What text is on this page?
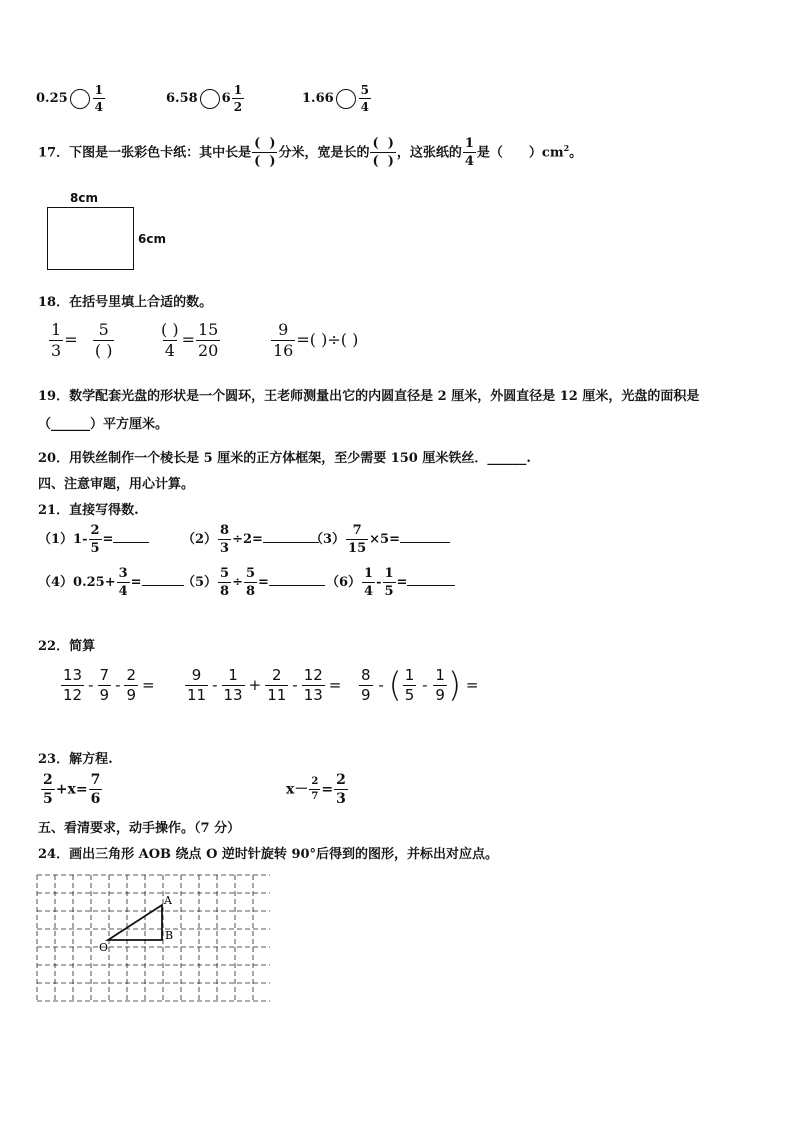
$0.25 \frac{1}{4}$	6.58 $6 \frac{1}{2}$	$1.66 \frac{5}{4}$
17．下图是一张彩色卡纸：其中长是 $\frac{( )}{( )}$ 分米，宽是长的 $\frac{( )}{( )}$ ，这张纸的 $\frac{1}{4}$ 是（　　）$cm^2$。
8cm
6cm
18．在括号里填上合适的数。
$\frac{1}{3} = \frac{5}{( )} \frac{( )}{4} = \frac{15}{20}$	$\frac{9}{16}$ =( )÷( )
19．数学配套光盘的形状是一个圆环，王老师测量出它的内圆直径是 2 厘米，外圆直径是 12 厘米，光盘的面积是
（______）平方厘米。
20．用铁丝制作一个棱长是 5 厘米的正方体框架，至少需要 150 厘米铁丝．______.
四、注意审题，用心计算。
21．直接写得数.
$(1)1- \frac{2}{5}$ =	$(2) \frac{8}{3} \div 2=$	$(3) \frac{7}{15} \times 5=$
$(4)0.25+ \frac{3}{4}$ =	$(5) \frac{5}{8} \div \frac{5}{8}$ =	$(6) \frac{1}{4} - \frac{1}{5}$ =
22．简算
$\frac{13}{12} - \frac{7}{9} - \frac{2}{9} = \frac{9}{11} - \frac{1}{13} + \frac{2}{11} - \frac{12}{13} = \frac{8}{9}$ - ( $\frac{1}{5} - \frac{1}{9}$ ) =
23．解方程.
$\frac{2}{5} +x= \frac{7}{6}$	$x- \frac{2}{7} = \frac{2}{3}$
五、看清要求，动手操作。（7 分）
24．画出三角形 AOB 绕点 O 逆时针旋转 90°后得到的图形，并标出对应点。
A
B
O
